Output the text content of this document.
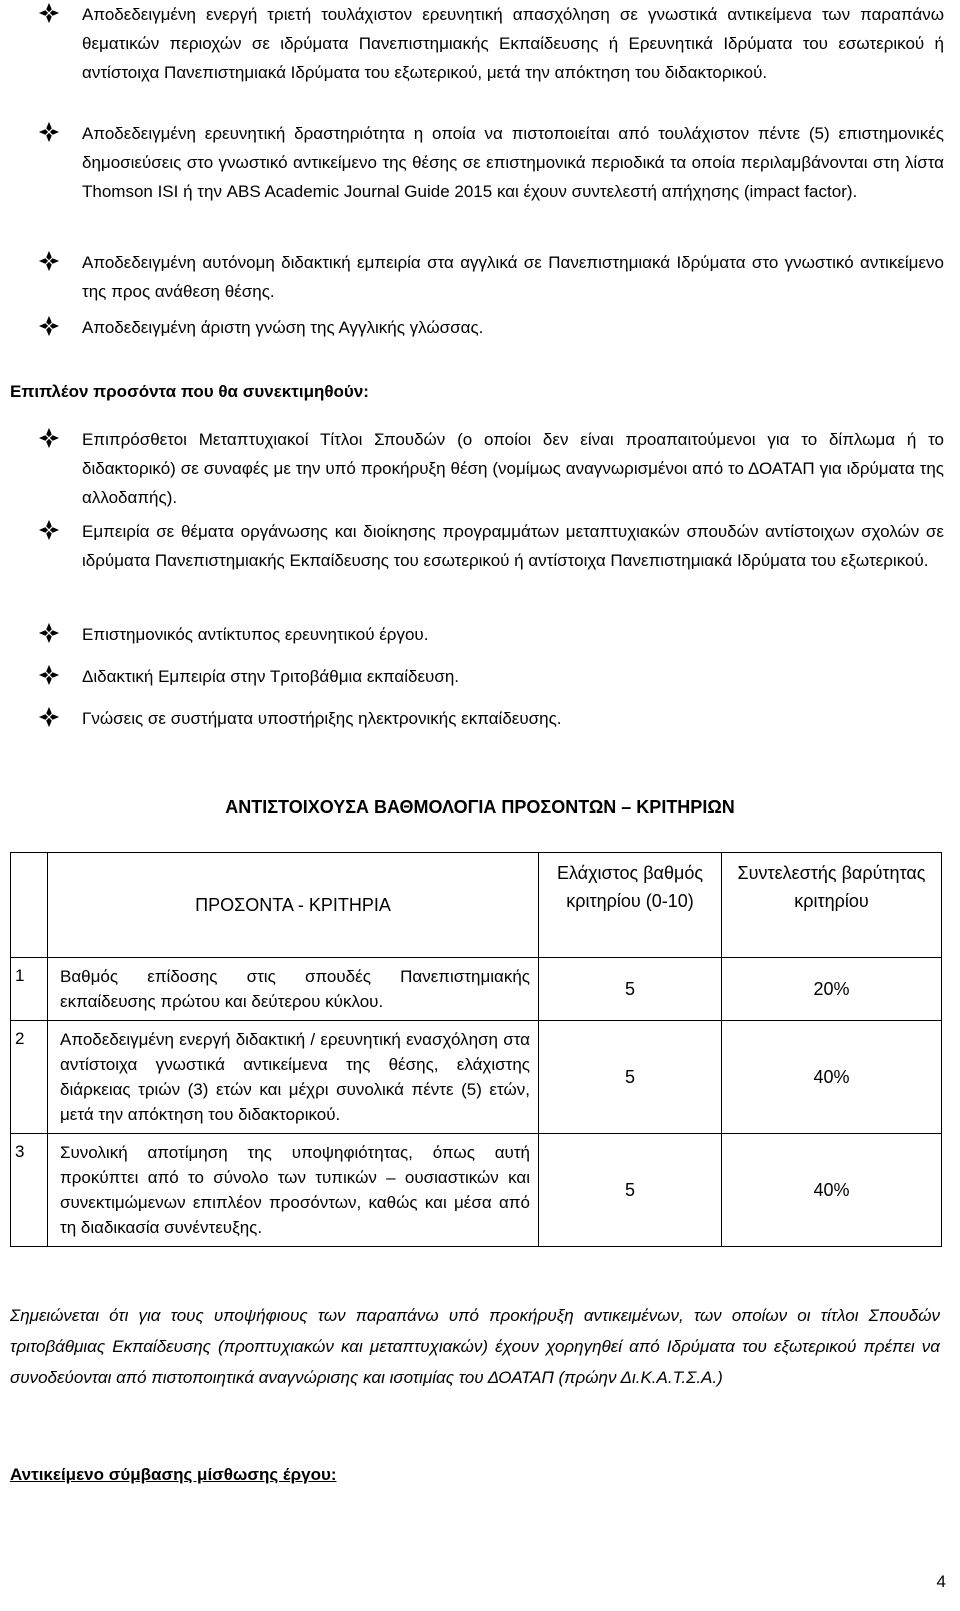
Αποδεδειγμένη ενεργή τριετή τουλάχιστον ερευνητική απασχόληση σε γνωστικά αντικείμενα των παραπάνω θεματικών περιοχών σε ιδρύματα Πανεπιστημιακής Εκπαίδευσης ή Ερευνητικά Ιδρύματα του εσωτερικού ή αντίστοιχα Πανεπιστημιακά Ιδρύματα του εξωτερικού, μετά την απόκτηση του διδακτορικού.
Αποδεδειγμένη ερευνητική δραστηριότητα η οποία να πιστοποιείται από τουλάχιστον πέντε (5) επιστημονικές δημοσιεύσεις στο γνωστικό αντικείμενο της θέσης σε επιστημονικά περιοδικά τα οποία περιλαμβάνονται στη λίστα Thomson ISI ή την ABS Academic Journal Guide 2015 και έχουν συντελεστή απήχησης (impact factor).
Αποδεδειγμένη αυτόνομη διδακτική εμπειρία στα αγγλικά σε Πανεπιστημιακά Ιδρύματα στο γνωστικό αντικείμενο της προς ανάθεση θέσης.
Αποδεδειγμένη άριστη γνώση της Αγγλικής γλώσσας.
Επιπλέον προσόντα που θα συνεκτιμηθούν:
Επιπρόσθετοι Μεταπτυχιακοί Τίτλοι Σπουδών (ο οποίοι δεν είναι προαπαιτούμενοι για το δίπλωμα ή το διδακτορικό) σε συναφές με την υπό προκήρυξη θέση (νομίμως αναγνωρισμένοι από το ΔΟΑΤΑΠ για ιδρύματα της αλλοδαπής).
Εμπειρία σε θέματα οργάνωσης και διοίκησης προγραμμάτων μεταπτυχιακών σπουδών αντίστοιχων σχολών σε ιδρύματα Πανεπιστημιακής Εκπαίδευσης του εσωτερικού ή αντίστοιχα Πανεπιστημιακά Ιδρύματα του εξωτερικού.
Επιστημονικός αντίκτυπος ερευνητικού έργου.
Διδακτική Εμπειρία στην Τριτοβάθμια εκπαίδευση.
Γνώσεις σε συστήματα υποστήριξης ηλεκτρονικής εκπαίδευσης.
ΑΝΤΙΣΤΟΙΧΟΥΣΑ ΒΑΘΜΟΛΟΓΙΑ ΠΡΟΣΟΝΤΩΝ – ΚΡΙΤΗΡΙΩΝ
	ΠΡΟΣΟΝΤΑ - ΚΡΙΤΗΡΙΑ	Ελάχιστος βαθμός κριτηρίου (0-10)	Συντελεστής βαρύτητας κριτηρίου

1	Βαθμός επίδοσης στις σπουδές Πανεπιστημιακής εκπαίδευσης πρώτου και δεύτερου κύκλου.	5	20%

2	Αποδεδειγμένη ενεργή διδακτική / ερευνητική ενασχόληση στα αντίστοιχα γνωστικά αντικείμενα της θέσης, ελάχιστης διάρκειας τριών (3) ετών και μέχρι συνολικά πέντε (5) ετών, μετά την απόκτηση του διδακτορικού.	5	40%

3	Συνολική αποτίμηση της υποψηφιότητας, όπως αυτή προκύπτει από το σύνολο των τυπικών – ουσιαστικών και συνεκτιμώμενων επιπλέον προσόντων, καθώς και μέσα από τη διαδικασία συνέντευξης.	5	40%
Σημειώνεται ότι για τους υποψήφιους των παραπάνω υπό προκήρυξη αντικειμένων, των οποίων οι τίτλοι Σπουδών τριτοβάθμιας Εκπαίδευσης (προπτυχιακών και μεταπτυχιακών) έχουν χορηγηθεί από Ιδρύματα του εξωτερικού πρέπει να συνοδεύονται από πιστοποιητικά αναγνώρισης και ισοτιμίας του ΔΟΑΤΑΠ (πρώην Δι.Κ.Α.Τ.Σ.Α.)
Αντικείμενο σύμβασης μίσθωσης έργου:
4
